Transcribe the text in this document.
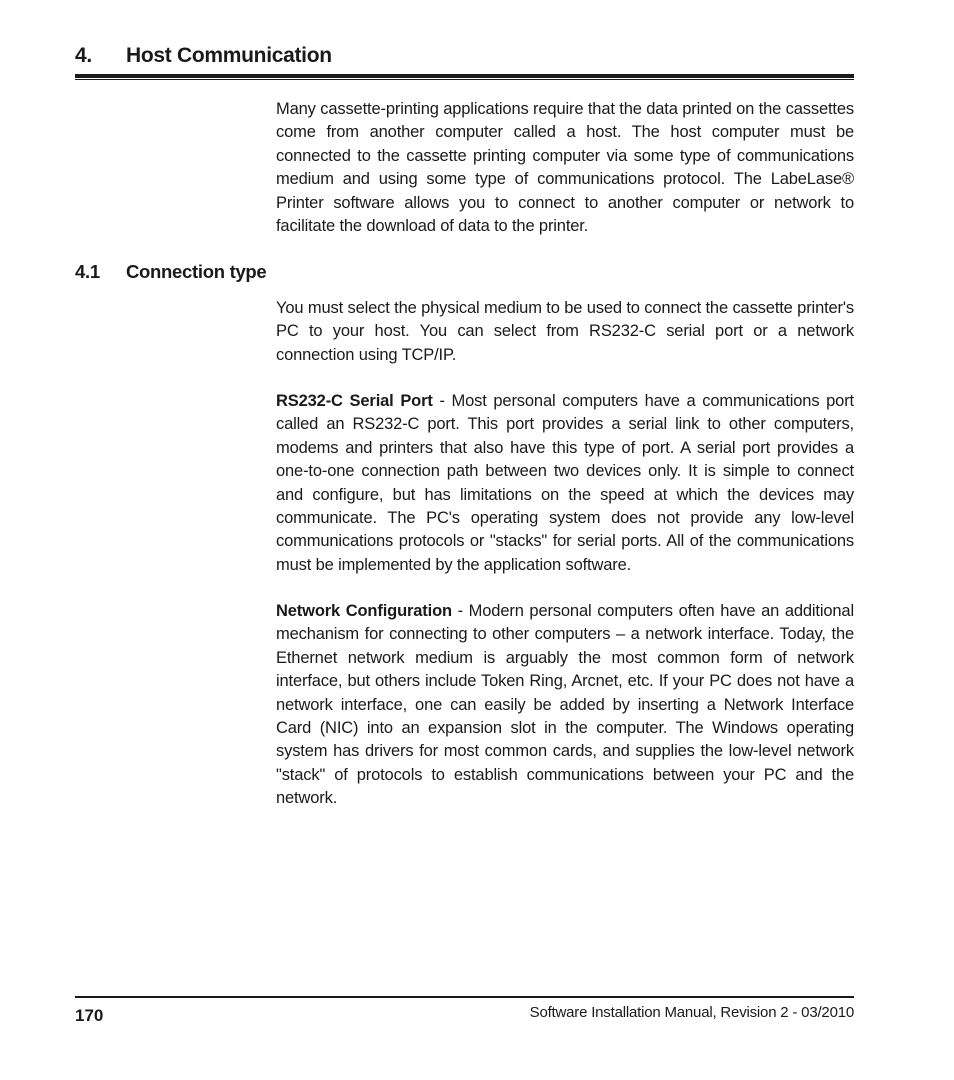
4. Host Communication

Many cassette-printing applications require that the data printed on the cassettes come from another computer called a host. The host computer must be connected to the cassette printing computer via some type of communications medium and using some type of communications protocol. The LabeLase® Printer software allows you to connect to another computer or network to facilitate the download of data to the printer.

4.1 Connection type

You must select the physical medium to be used to connect the cassette printer's PC to your host. You can select from RS232-C serial port or a network connection using TCP/IP.

RS232-C Serial Port - Most personal computers have a communications port called an RS232-C port. This port provides a serial link to other computers, modems and printers that also have this type of port. A serial port provides a one-to-one connection path between two devices only. It is simple to connect and configure, but has limitations on the speed at which the devices may communicate. The PC's operating system does not provide any low-level communications protocols or "stacks" for serial ports. All of the communications must be implemented by the application software.

Network Configuration - Modern personal computers often have an additional mechanism for connecting to other computers – a network interface. Today, the Ethernet network medium is arguably the most common form of network interface, but others include Token Ring, Arcnet, etc. If your PC does not have a network interface, one can easily be added by inserting a Network Interface Card (NIC) into an expansion slot in the computer. The Windows operating system has drivers for most common cards, and supplies the low-level network "stack" of protocols to establish communications between your PC and the network.

170	Software Installation Manual, Revision 2 - 03/2010
